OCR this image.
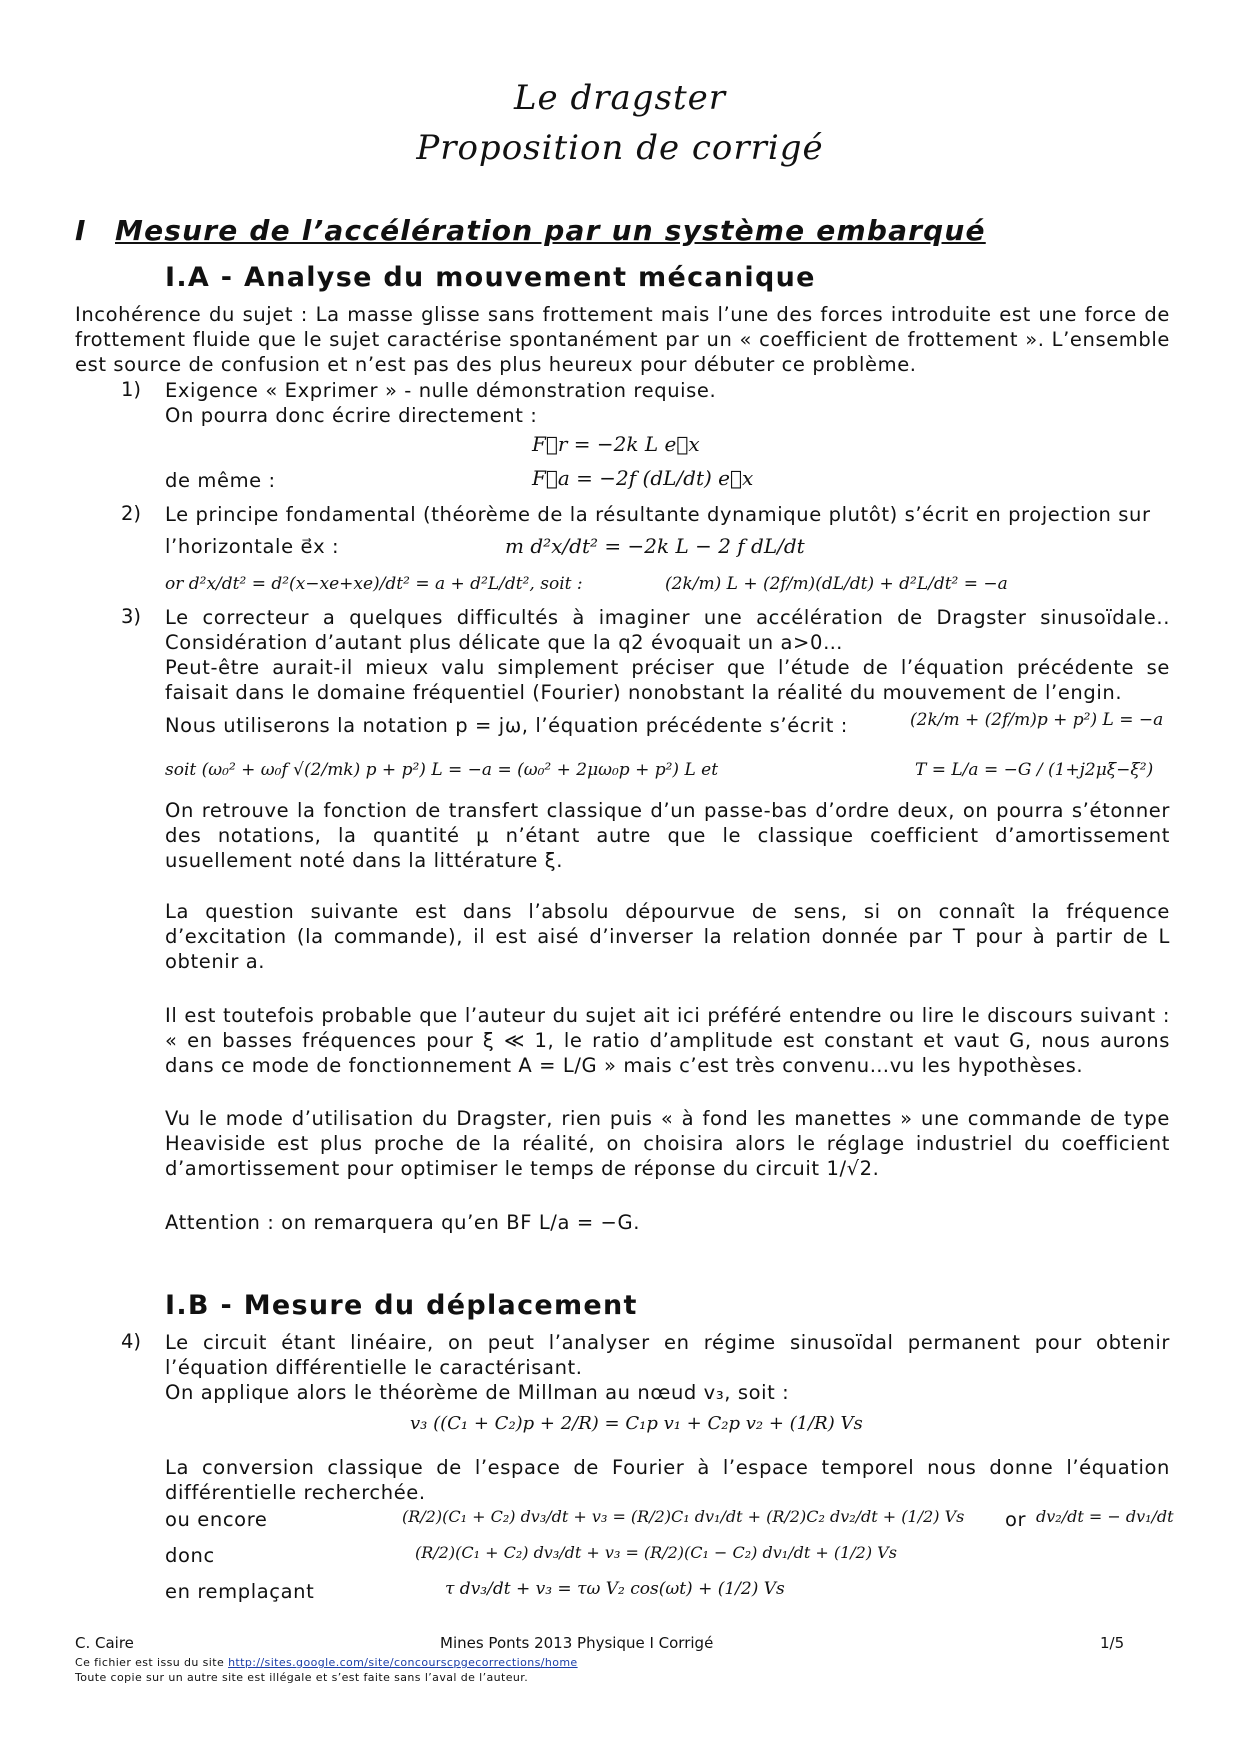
Le dragster
Proposition de corrigé
I Mesure de l’accélération par un système embarqué
I.A - Analyse du mouvement mécanique
Incohérence du sujet : La masse glisse sans frottement mais l’une des forces introduite est une force de frottement fluide que le sujet caractérise spontanément par un « coefficient de frottement ». L’ensemble est source de confusion et n’est pas des plus heureux pour débuter ce problème.
1) Exigence « Exprimer » - nulle démonstration requise.
On pourra donc écrire directement :
F⃗r = −2k L e⃗x
de même :	F⃗a = −2f (dL/dt) e⃗x
2) Le principe fondamental (théorème de la résultante dynamique plutôt) s’écrit en projection sur
l’horizontale e⃗x :	m d²x/dt² = −2k L − 2 f dL/dt
or d²x/dt² = d²(x−xe+xe)/dt² = a + d²L/dt², soit :	(2k/m) L + (2f/m)(dL/dt) + d²L/dt² = −a
3) Le correcteur a quelques difficultés à imaginer une accélération de Dragster sinusoïdale.. Considération d’autant plus délicate que la q2 évoquait un a>0…
Peut-être aurait-il mieux valu simplement préciser que l’étude de l’équation précédente se faisait dans le domaine fréquentiel (Fourier) nonobstant la réalité du mouvement de l’engin.
Nous utiliserons la notation p = jω, l’équation précédente s’écrit :	(2k/m + (2f/m)p + p²) L = −a
soit (ω₀² + ω₀f √(2/mk) p + p²) L = −a = (ω₀² + 2μω₀p + p²) L et	T = L/a = −G / (1+j2μξ−ξ²)
On retrouve la fonction de transfert classique d’un passe-bas d’ordre deux, on pourra s’étonner des notations, la quantité μ n’étant autre que le classique coefficient d’amortissement usuellement noté dans la littérature ξ.
La question suivante est dans l’absolu dépourvue de sens, si on connaît la fréquence d’excitation (la commande), il est aisé d’inverser la relation donnée par T pour à partir de L obtenir a.
Il est toutefois probable que l’auteur du sujet ait ici préféré entendre ou lire le discours suivant : « en basses fréquences pour ξ ≪ 1, le ratio d’amplitude est constant et vaut G, nous aurons dans ce mode de fonctionnement A = L/G » mais c’est très convenu…vu les hypothèses.
Vu le mode d’utilisation du Dragster, rien puis « à fond les manettes » une commande de type Heaviside est plus proche de la réalité, on choisira alors le réglage industriel du coefficient d’amortissement pour optimiser le temps de réponse du circuit 1/√2.
Attention : on remarquera qu’en BF L/a = −G.
I.B - Mesure du déplacement
4) Le circuit étant linéaire, on peut l’analyser en régime sinusoïdal permanent pour obtenir l’équation différentielle le caractérisant.
On applique alors le théorème de Millman au nœud v₃, soit :
v₃ ((C₁ + C₂)p + 2/R) = C₁p v₁ + C₂p v₂ + (1/R) Vs
La conversion classique de l’espace de Fourier à l’espace temporel nous donne l’équation différentielle recherchée.
ou encore	(R/2)(C₁ + C₂) dv₃/dt + v₃ = (R/2)C₁ dv₁/dt + (R/2)C₂ dv₂/dt + (1/2) Vs or dv₂/dt = − dv₁/dt
donc	(R/2)(C₁ + C₂) dv₃/dt + v₃ = (R/2)(C₁ − C₂) dv₁/dt + (1/2) Vs
en remplaçant	τ dv₃/dt + v₃ = τω V₂ cos(ωt) + (1/2) Vs
C. Caire	Mines Ponts 2013 Physique I Corrigé	1/5
Ce fichier est issu du site http://sites.google.com/site/concourscpgecorrections/home
Toute copie sur un autre site est illégale et s’est faite sans l’aval de l’auteur.
